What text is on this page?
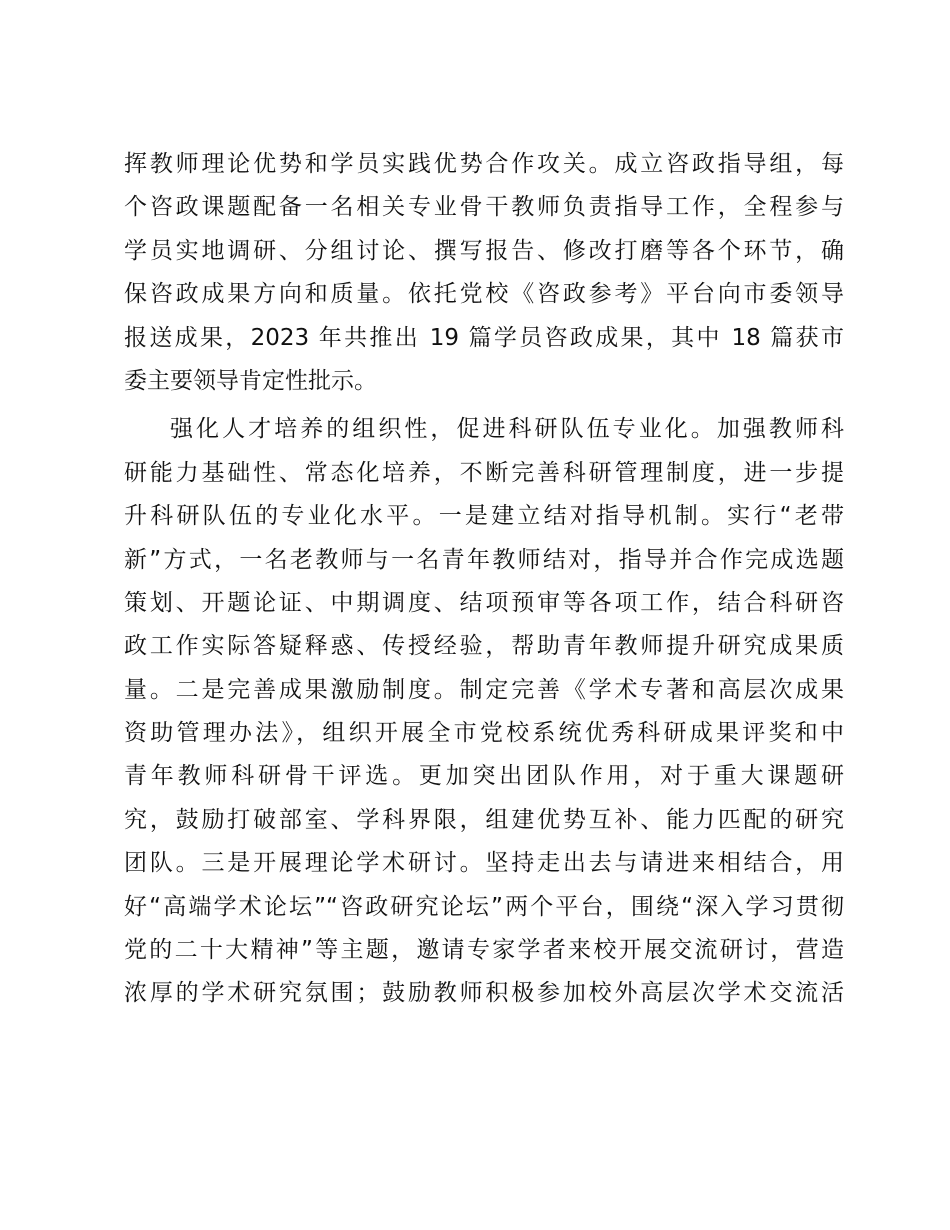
挥教师理论优势和学员实践优势合作攻关。成立咨政指导组，每
个咨政课题配备一名相关专业骨干教师负责指导工作，全程参与
学员实地调研、分组讨论、撰写报告、修改打磨等各个环节，确
保咨政成果方向和质量。依托党校《咨政参考》平台向市委领导
报送成果，2023 年共推出 19 篇学员咨政成果，其中 18 篇获市
委主要领导肯定性批示。
强化人才培养的组织性，促进科研队伍专业化。加强教师科
研能力基础性、常态化培养，不断完善科研管理制度，进一步提
升科研队伍的专业化水平。一是建立结对指导机制。实行“老带
新”方式，一名老教师与一名青年教师结对，指导并合作完成选题
策划、开题论证、中期调度、结项预审等各项工作，结合科研咨
政工作实际答疑释惑、传授经验，帮助青年教师提升研究成果质
量。二是完善成果激励制度。制定完善《学术专著和高层次成果
资助管理办法》，组织开展全市党校系统优秀科研成果评奖和中
青年教师科研骨干评选。更加突出团队作用，对于重大课题研
究，鼓励打破部室、学科界限，组建优势互补、能力匹配的研究
团队。三是开展理论学术研讨。坚持走出去与请进来相结合，用
好“高端学术论坛”“咨政研究论坛”两个平台，围绕“深入学习贯彻
党的二十大精神”等主题，邀请专家学者来校开展交流研讨，营造
浓厚的学术研究氛围；鼓励教师积极参加校外高层次学术交流活
